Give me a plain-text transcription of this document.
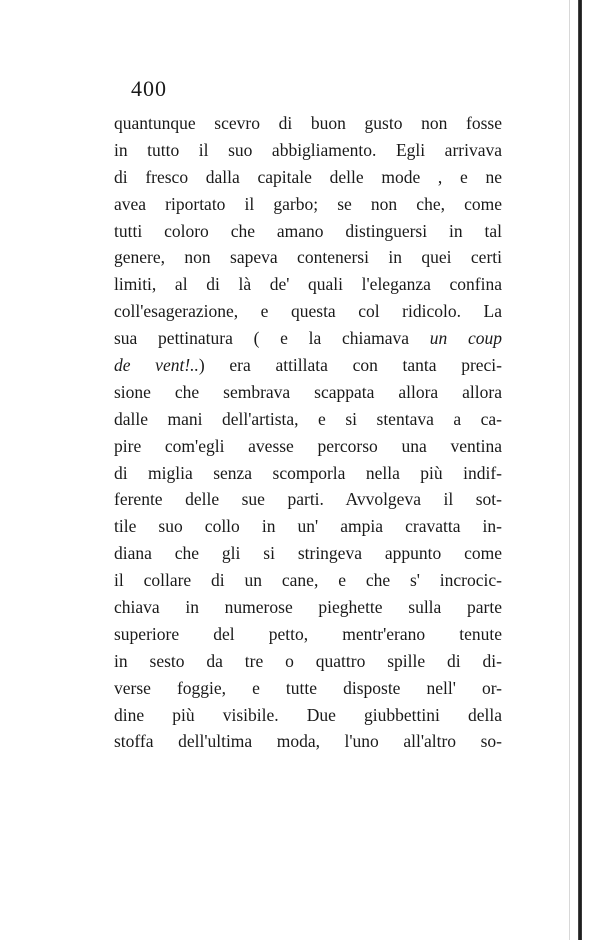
400
quantunque scevro di buon gusto non fosse
in tutto il suo abbigliamento. Egli arrivava
di fresco dalla capitale delle mode , e ne
avea riportato il garbo; se non che, come
tutti coloro che amano distinguersi in tal
genere, non sapeva contenersi in quei certi
limiti, al di là de' quali l'eleganza confina
coll'esagerazione, e questa col ridicolo. La
sua pettinatura ( e la chiamava un coup
de vent!..) era attillata con tanta preci-
sione che sembrava scappata allora allora
dalle mani dell'artista, e si stentava a ca-
pire com'egli avesse percorso una ventina
di miglia senza scomporla nella più indif-
ferente delle sue parti. Avvolgeva il sot-
tile suo collo in un' ampia cravatta in-
diana che gli si stringeva appunto come
il collare di un cane, e che s' incrocic-
chiava in numerose pieghette sulla parte
superiore del petto, mentr'erano tenute
in sesto da tre o quattro spille di di-
verse foggie, e tutte disposte nell' or-
dine più visibile. Due giubbettini della
stoffa dell'ultima moda, l'uno all'altro so-
